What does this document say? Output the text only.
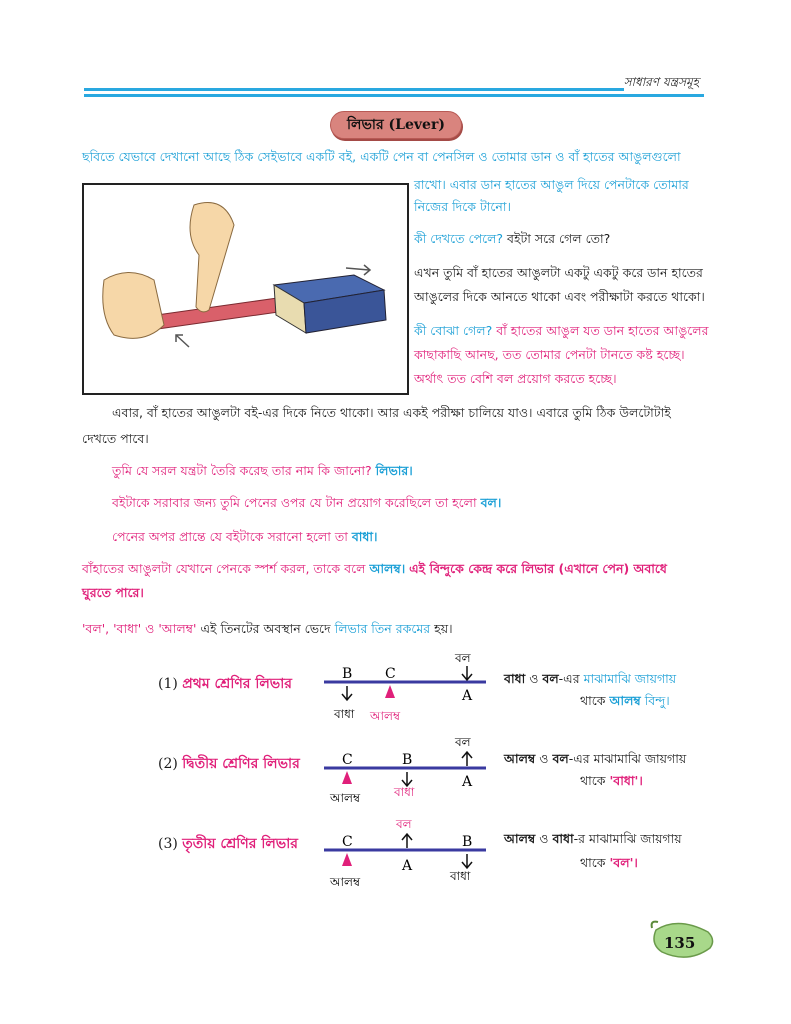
সাধারণ যন্ত্রসমূহ
লিভার (Lever)
ছবিতে যেভাবে দেখানো আছে ঠিক সেইভাবে একটি বই, একটি পেন বা পেনসিল ও তোমার ডান ও বাঁ হাতের আঙুলগুলো
রাখো। এবার ডান হাতের আঙুল দিয়ে পেনটাকে তোমার
নিজের দিকে টানো।
কী দেখতে পেলে? বইটা সরে গেল তো?
এখন তুমি বাঁ হাতের আঙুলটা একটু একটু করে ডান হাতের
আঙুলের দিকে আনতে থাকো এবং পরীক্ষাটা করতে থাকো।
কী বোঝা গেল? বাঁ হাতের আঙুল যত ডান হাতের আঙুলের
কাছাকাছি আনছ, তত তোমার পেনটা টানতে কষ্ট হচ্ছে।
অর্থাৎ তত বেশি বল প্রয়োগ করতে হচ্ছে।
এবার, বাঁ হাতের আঙুলটা বই-এর দিকে নিতে থাকো। আর একই পরীক্ষা চালিয়ে যাও। এবারে তুমি ঠিক উলটোটাই
দেখতে পাবে।
তুমি যে সরল যন্ত্রটা তৈরি করেছ তার নাম কি জানো? লিভার।
বইটাকে সরাবার জন্য তুমি পেনের ওপর যে টান প্রয়োগ করেছিলে তা হলো বল।
পেনের অপর প্রান্তে যে বইটাকে সরানো হলো তা বাধা।
বাঁহাতের আঙুলটা যেখানে পেনকে স্পর্শ করল, তাকে বলে আলম্ব। এই বিন্দুকে কেন্দ্র করে লিভার (এখানে পেন) অবাধে
ঘুরতে পারে।
'বল', 'বাধা' ও 'আলম্ব' এই তিনটের অবস্থান ভেদে লিভার তিন রকমের হয়।
(1) প্রথম শ্রেণির লিভার
B C
A
বল
বাধা আলম্ব
বাধা ও বল-এর মাঝামাঝি জায়গায়
থাকে আলম্ব বিন্দু।
(2) দ্বিতীয় শ্রেণির লিভার	C	B
A
বল
আলম্ব	বাধা
আলম্ব ও বল-এর মাঝামাঝি জায়গায়
থাকে 'বাধা'।
(3) তৃতীয় শ্রেণির লিভার	C
A
B
বল
আলম্ব	বাধা
আলম্ব ও বাধা-র মাঝামাঝি জায়গায়
থাকে 'বল'।
135
